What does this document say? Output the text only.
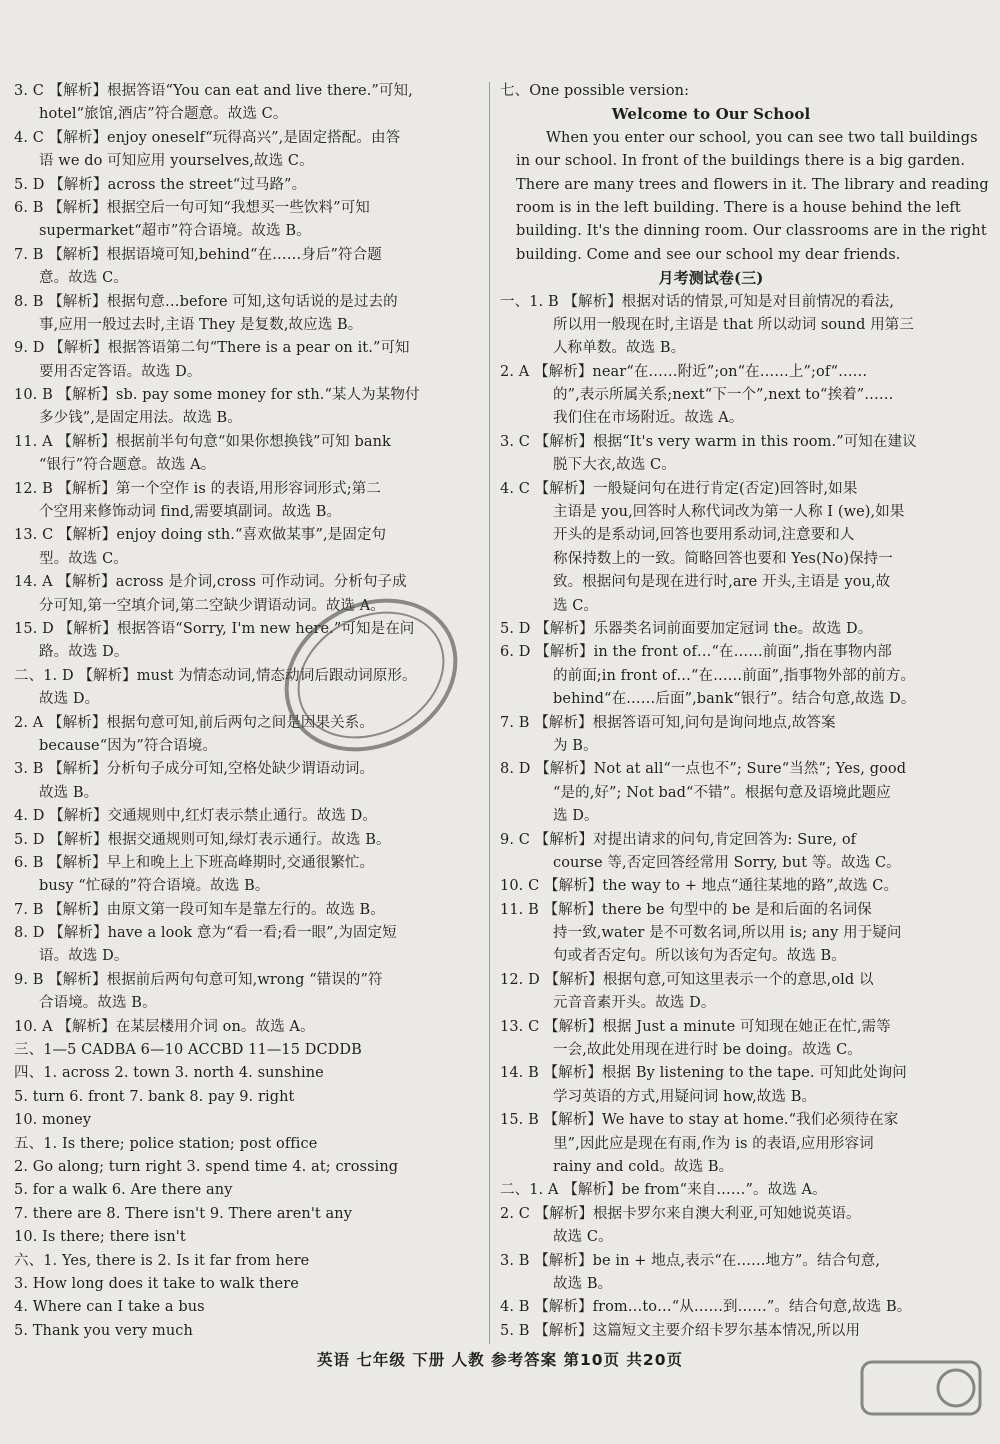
3. C 【解析】根据答语“You can eat and live there.”可知,
hotel“旅馆,酒店”符合题意。故选 C。
4. C 【解析】enjoy oneself“玩得高兴”,是固定搭配。由答
语 we do 可知应用 yourselves,故选 C。
5. D 【解析】across the street“过马路”。
6. B 【解析】根据空后一句可知“我想买一些饮料”可知
supermarket“超市”符合语境。故选 B。
7. B 【解析】根据语境可知,behind“在……身后”符合题
意。故选 C。
8. B 【解析】根据句意…before 可知,这句话说的是过去的
事,应用一般过去时,主语 They 是复数,故应选 B。
9. D 【解析】根据答语第二句“There is a pear on it.”可知
要用否定答语。故选 D。
10. B 【解析】sb. pay some money for sth.“某人为某物付
多少钱”,是固定用法。故选 B。
11. A 【解析】根据前半句句意“如果你想换钱”可知 bank
“银行”符合题意。故选 A。
12. B 【解析】第一个空作 is 的表语,用形容词形式;第二
个空用来修饰动词 find,需要填副词。故选 B。
13. C 【解析】enjoy doing sth.“喜欢做某事”,是固定句
型。故选 C。
14. A 【解析】across 是介词,cross 可作动词。分析句子成
分可知,第一空填介词,第二空缺少谓语动词。故选 A。
15. D 【解析】根据答语“Sorry, I'm new here.”可知是在问
路。故选 D。
二、1. D 【解析】must 为情态动词,情态动词后跟动词原形。
故选 D。
2. A 【解析】根据句意可知,前后两句之间是因果关系。
because“因为”符合语境。
3. B 【解析】分析句子成分可知,空格处缺少谓语动词。
故选 B。
4. D 【解析】交通规则中,红灯表示禁止通行。故选 D。
5. D 【解析】根据交通规则可知,绿灯表示通行。故选 B。
6. B 【解析】早上和晚上上下班高峰期时,交通很繁忙。
busy “忙碌的”符合语境。故选 B。
7. B 【解析】由原文第一段可知车是靠左行的。故选 B。
8. D 【解析】have a look 意为“看一看;看一眼”,为固定短
语。故选 D。
9. B 【解析】根据前后两句句意可知,wrong “错误的”符
合语境。故选 B。
10. A 【解析】在某层楼用介词 on。故选 A。
三、1—5 CADBA 6—10 ACCBD 11—15 DCDDB
四、1. across 2. town 3. north 4. sunshine
5. turn 6. front 7. bank 8. pay 9. right
10. money
五、1. Is there; police station; post office
2. Go along; turn right 3. spend time 4. at; crossing
5. for a walk 6. Are there any
7. there are 8. There isn't 9. There aren't any
10. Is there; there isn't
六、1. Yes, there is 2. Is it far from here
3. How long does it take to walk there
4. Where can I take a bus
5. Thank you very much
七、One possible version:
Welcome to Our School
When you enter our school, you can see two tall buildings
in our school. In front of the buildings there is a big garden.
There are many trees and flowers in it. The library and reading
room is in the left building. There is a house behind the left
building. It's the dinning room. Our classrooms are in the right
building. Come and see our school my dear friends.
月考测试卷(三)
一、1. B 【解析】根据对话的情景,可知是对目前情况的看法,
所以用一般现在时,主语是 that 所以动词 sound 用第三
人称单数。故选 B。
2. A 【解析】near“在……附近”;on“在……上”;of“……
的”,表示所属关系;next“下一个”,next to“挨着”……
我们住在市场附近。故选 A。
3. C 【解析】根据“It's very warm in this room.”可知在建议
脱下大衣,故选 C。
4. C 【解析】一般疑问句在进行肯定(否定)回答时,如果
主语是 you,回答时人称代词改为第一人称 I (we),如果
开头的是系动词,回答也要用系动词,注意要和人
称保持数上的一致。简略回答也要和 Yes(No)保持一
致。根据问句是现在进行时,are 开头,主语是 you,故
选 C。
5. D 【解析】乐器类名词前面要加定冠词 the。故选 D。
6. D 【解析】in the front of…“在……前面”,指在事物内部
的前面;in front of…“在……前面”,指事物外部的前方。
behind“在……后面”,bank“银行”。结合句意,故选 D。
7. B 【解析】根据答语可知,问句是询问地点,故答案
为 B。
8. D 【解析】Not at all“一点也不”; Sure“当然”; Yes, good
“是的,好”; Not bad“不错”。根据句意及语境此题应
选 D。
9. C 【解析】对提出请求的问句,肯定回答为: Sure, of
course 等,否定回答经常用 Sorry, but 等。故选 C。
10. C 【解析】the way to + 地点“通往某地的路”,故选 C。
11. B 【解析】there be 句型中的 be 是和后面的名词保
持一致,water 是不可数名词,所以用 is; any 用于疑问
句或者否定句。所以该句为否定句。故选 B。
12. D 【解析】根据句意,可知这里表示一个的意思,old 以
元音音素开头。故选 D。
13. C 【解析】根据 Just a minute 可知现在她正在忙,需等
一会,故此处用现在进行时 be doing。故选 C。
14. B 【解析】根据 By listening to the tape. 可知此处询问
学习英语的方式,用疑问词 how,故选 B。
15. B 【解析】We have to stay at home.“我们必须待在家
里”,因此应是现在有雨,作为 is 的表语,应用形容词
rainy and cold。故选 B。
二、1. A 【解析】be from“来自……”。故选 A。
2. C 【解析】根据卡罗尔来自澳大利亚,可知她说英语。
故选 C。
3. B 【解析】be in + 地点,表示“在……地方”。结合句意,
故选 B。
4. B 【解析】from…to…“从……到……”。结合句意,故选 B。
5. B 【解析】这篇短文主要介绍卡罗尔基本情况,所以用
英语 七年级 下册 人教 参考答案 第10页 共20页
